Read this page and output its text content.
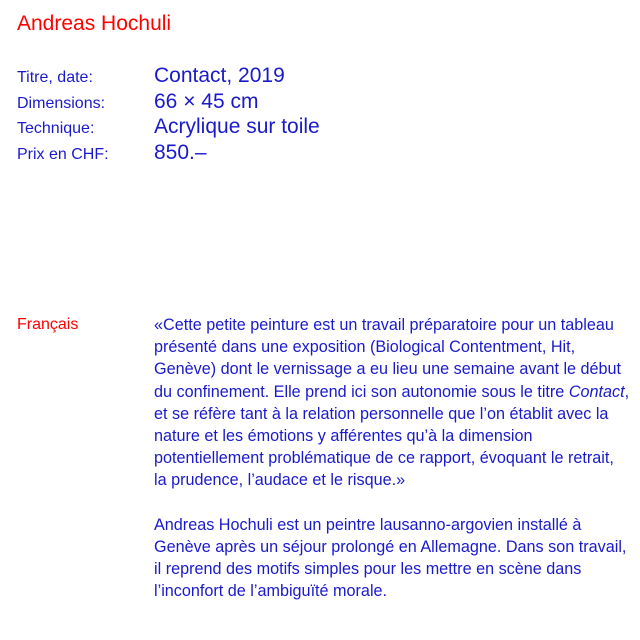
Andreas Hochuli
Titre, date:	Contact, 2019
Dimensions:	66 × 45 cm
Technique:	Acrylique sur toile
Prix en CHF:	850.–
Français	«Cette petite peinture est un travail préparatoire pour un tableau présenté dans une exposition (Biological Contentment, Hit, Genève) dont le vernissage a eu lieu une semaine avant le début du confinement. Elle prend ici son autonomie sous le titre Contact, et se réfère tant à la relation personnelle que l’on établit avec la nature et les émotions y afférentes qu’à la dimension potentiellement problématique de ce rapport, évoquant le retrait, la prudence, l’audace et le risque.»

Andreas Hochuli est un peintre lausanno-argovien installé à Genève après un séjour prolongé en Allemagne. Dans son travail, il reprend des motifs simples pour les mettre en scène dans l’inconfort de l’ambiguïté morale.
